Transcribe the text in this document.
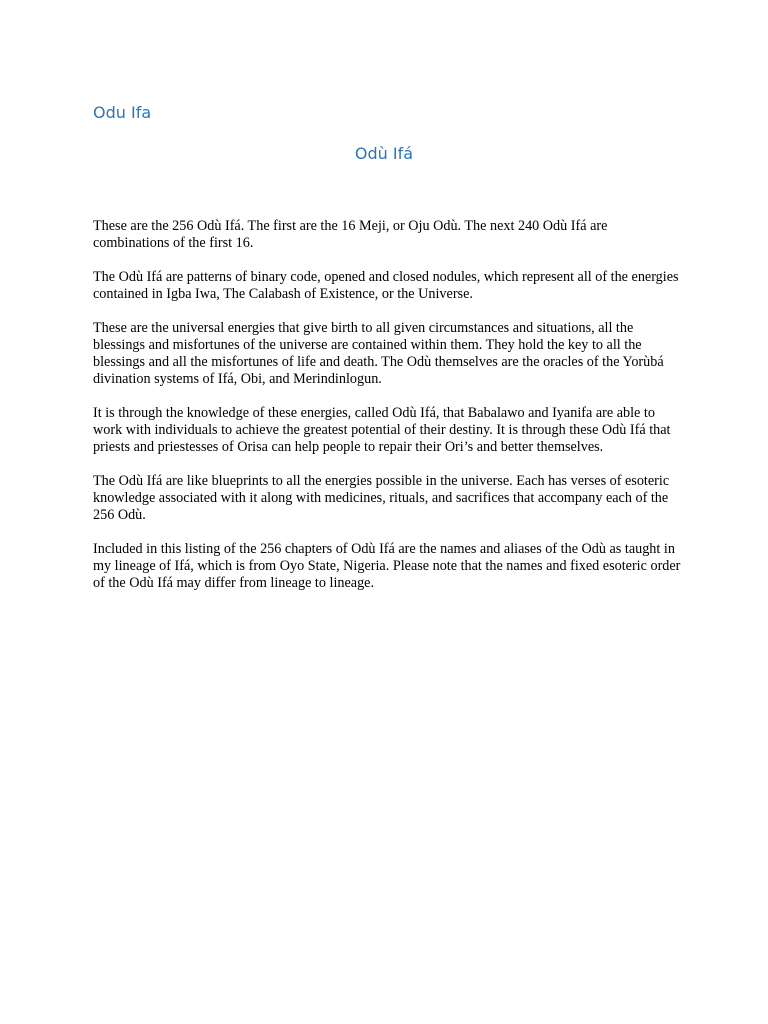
Odu Ifa
Odù Ifá

These are the 256 Odù Ifá. The first are the 16 Meji, or Oju Odù. The next 240 Odù Ifá are combinations of the first 16.

The Odù Ifá are patterns of binary code, opened and closed nodules, which represent all of the energies contained in Igba Iwa, The Calabash of Existence, or the Universe.

These are the universal energies that give birth to all given circumstances and situations, all the blessings and misfortunes of the universe are contained within them. They hold the key to all the blessings and all the misfortunes of life and death. The Odù themselves are the oracles of the Yorùbá divination systems of Ifá, Obi, and Merindinlogun.

It is through the knowledge of these energies, called Odù Ifá, that Babalawo and Iyanifa are able to work with individuals to achieve the greatest potential of their destiny. It is through these Odù Ifá that priests and priestesses of Orisa can help people to repair their Ori’s and better themselves.

The Odù Ifá are like blueprints to all the energies possible in the universe. Each has verses of esoteric knowledge associated with it along with medicines, rituals, and sacrifices that accompany each of the 256 Odù.

Included in this listing of the 256 chapters of Odù Ifá are the names and aliases of the Odù as taught in my lineage of Ifá, which is from Oyo State, Nigeria. Please note that the names and fixed esoteric order of the Odù Ifá may differ from lineage to lineage.
